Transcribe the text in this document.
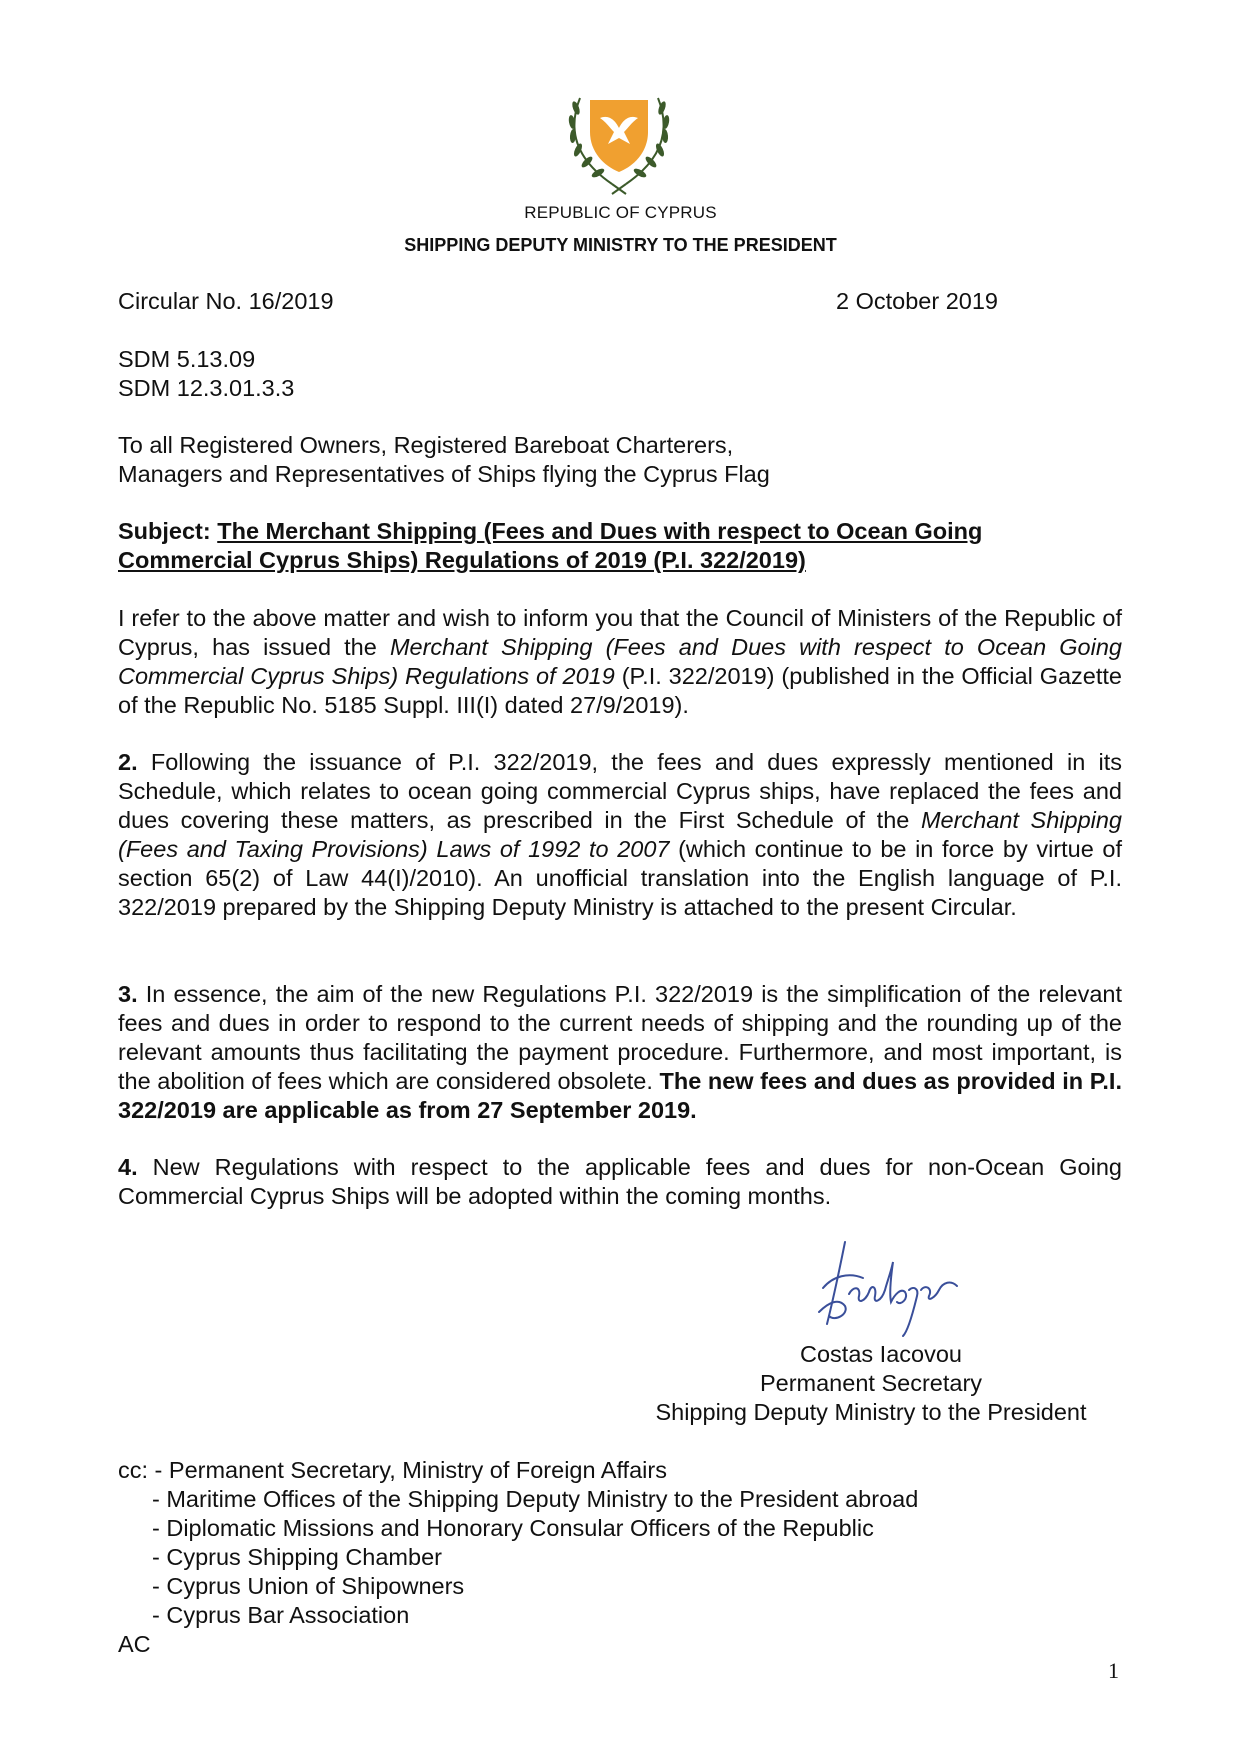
REPUBLIC OF CYPRUS
SHIPPING DEPUTY MINISTRY TO THE PRESIDENT
Circular No. 16/2019	2 October 2019
SDM 5.13.09
SDM 12.3.01.3.3
To all Registered Owners, Registered Bareboat Charterers,
Managers and Representatives of Ships flying the Cyprus Flag
Subject: The Merchant Shipping (Fees and Dues with respect to Ocean Going
Commercial Cyprus Ships) Regulations of 2019 (P.I. 322/2019)
I refer to the above matter and wish to inform you that the Council of Ministers of the Republic of Cyprus, has issued the Merchant Shipping (Fees and Dues with respect to Ocean Going Commercial Cyprus Ships) Regulations of 2019 (P.I. 322/2019) (published in the Official Gazette of the Republic No. 5185 Suppl. III(I) dated 27/9/2019).
2. Following the issuance of P.I. 322/2019, the fees and dues expressly mentioned in its Schedule, which relates to ocean going commercial Cyprus ships, have replaced the fees and dues covering these matters, as prescribed in the First Schedule of the Merchant Shipping (Fees and Taxing Provisions) Laws of 1992 to 2007 (which continue to be in force by virtue of section 65(2) of Law 44(I)/2010). An unofficial translation into the English language of P.I. 322/2019 prepared by the Shipping Deputy Ministry is attached to the present Circular.
3. In essence, the aim of the new Regulations P.I. 322/2019 is the simplification of the relevant fees and dues in order to respond to the current needs of shipping and the rounding up of the relevant amounts thus facilitating the payment procedure. Furthermore, and most important, is the abolition of fees which are considered obsolete. The new fees and dues as provided in P.I. 322/2019 are applicable as from 27 September 2019.
4. New Regulations with respect to the applicable fees and dues for non-Ocean Going Commercial Cyprus Ships will be adopted within the coming months.
Costas Iacovou
Permanent Secretary
Shipping Deputy Ministry to the President
cc: - Permanent Secretary, Ministry of Foreign Affairs
- Maritime Offices of the Shipping Deputy Ministry to the President abroad
- Diplomatic Missions and Honorary Consular Officers of the Republic
- Cyprus Shipping Chamber
- Cyprus Union of Shipowners
- Cyprus Bar Association
AC
1
